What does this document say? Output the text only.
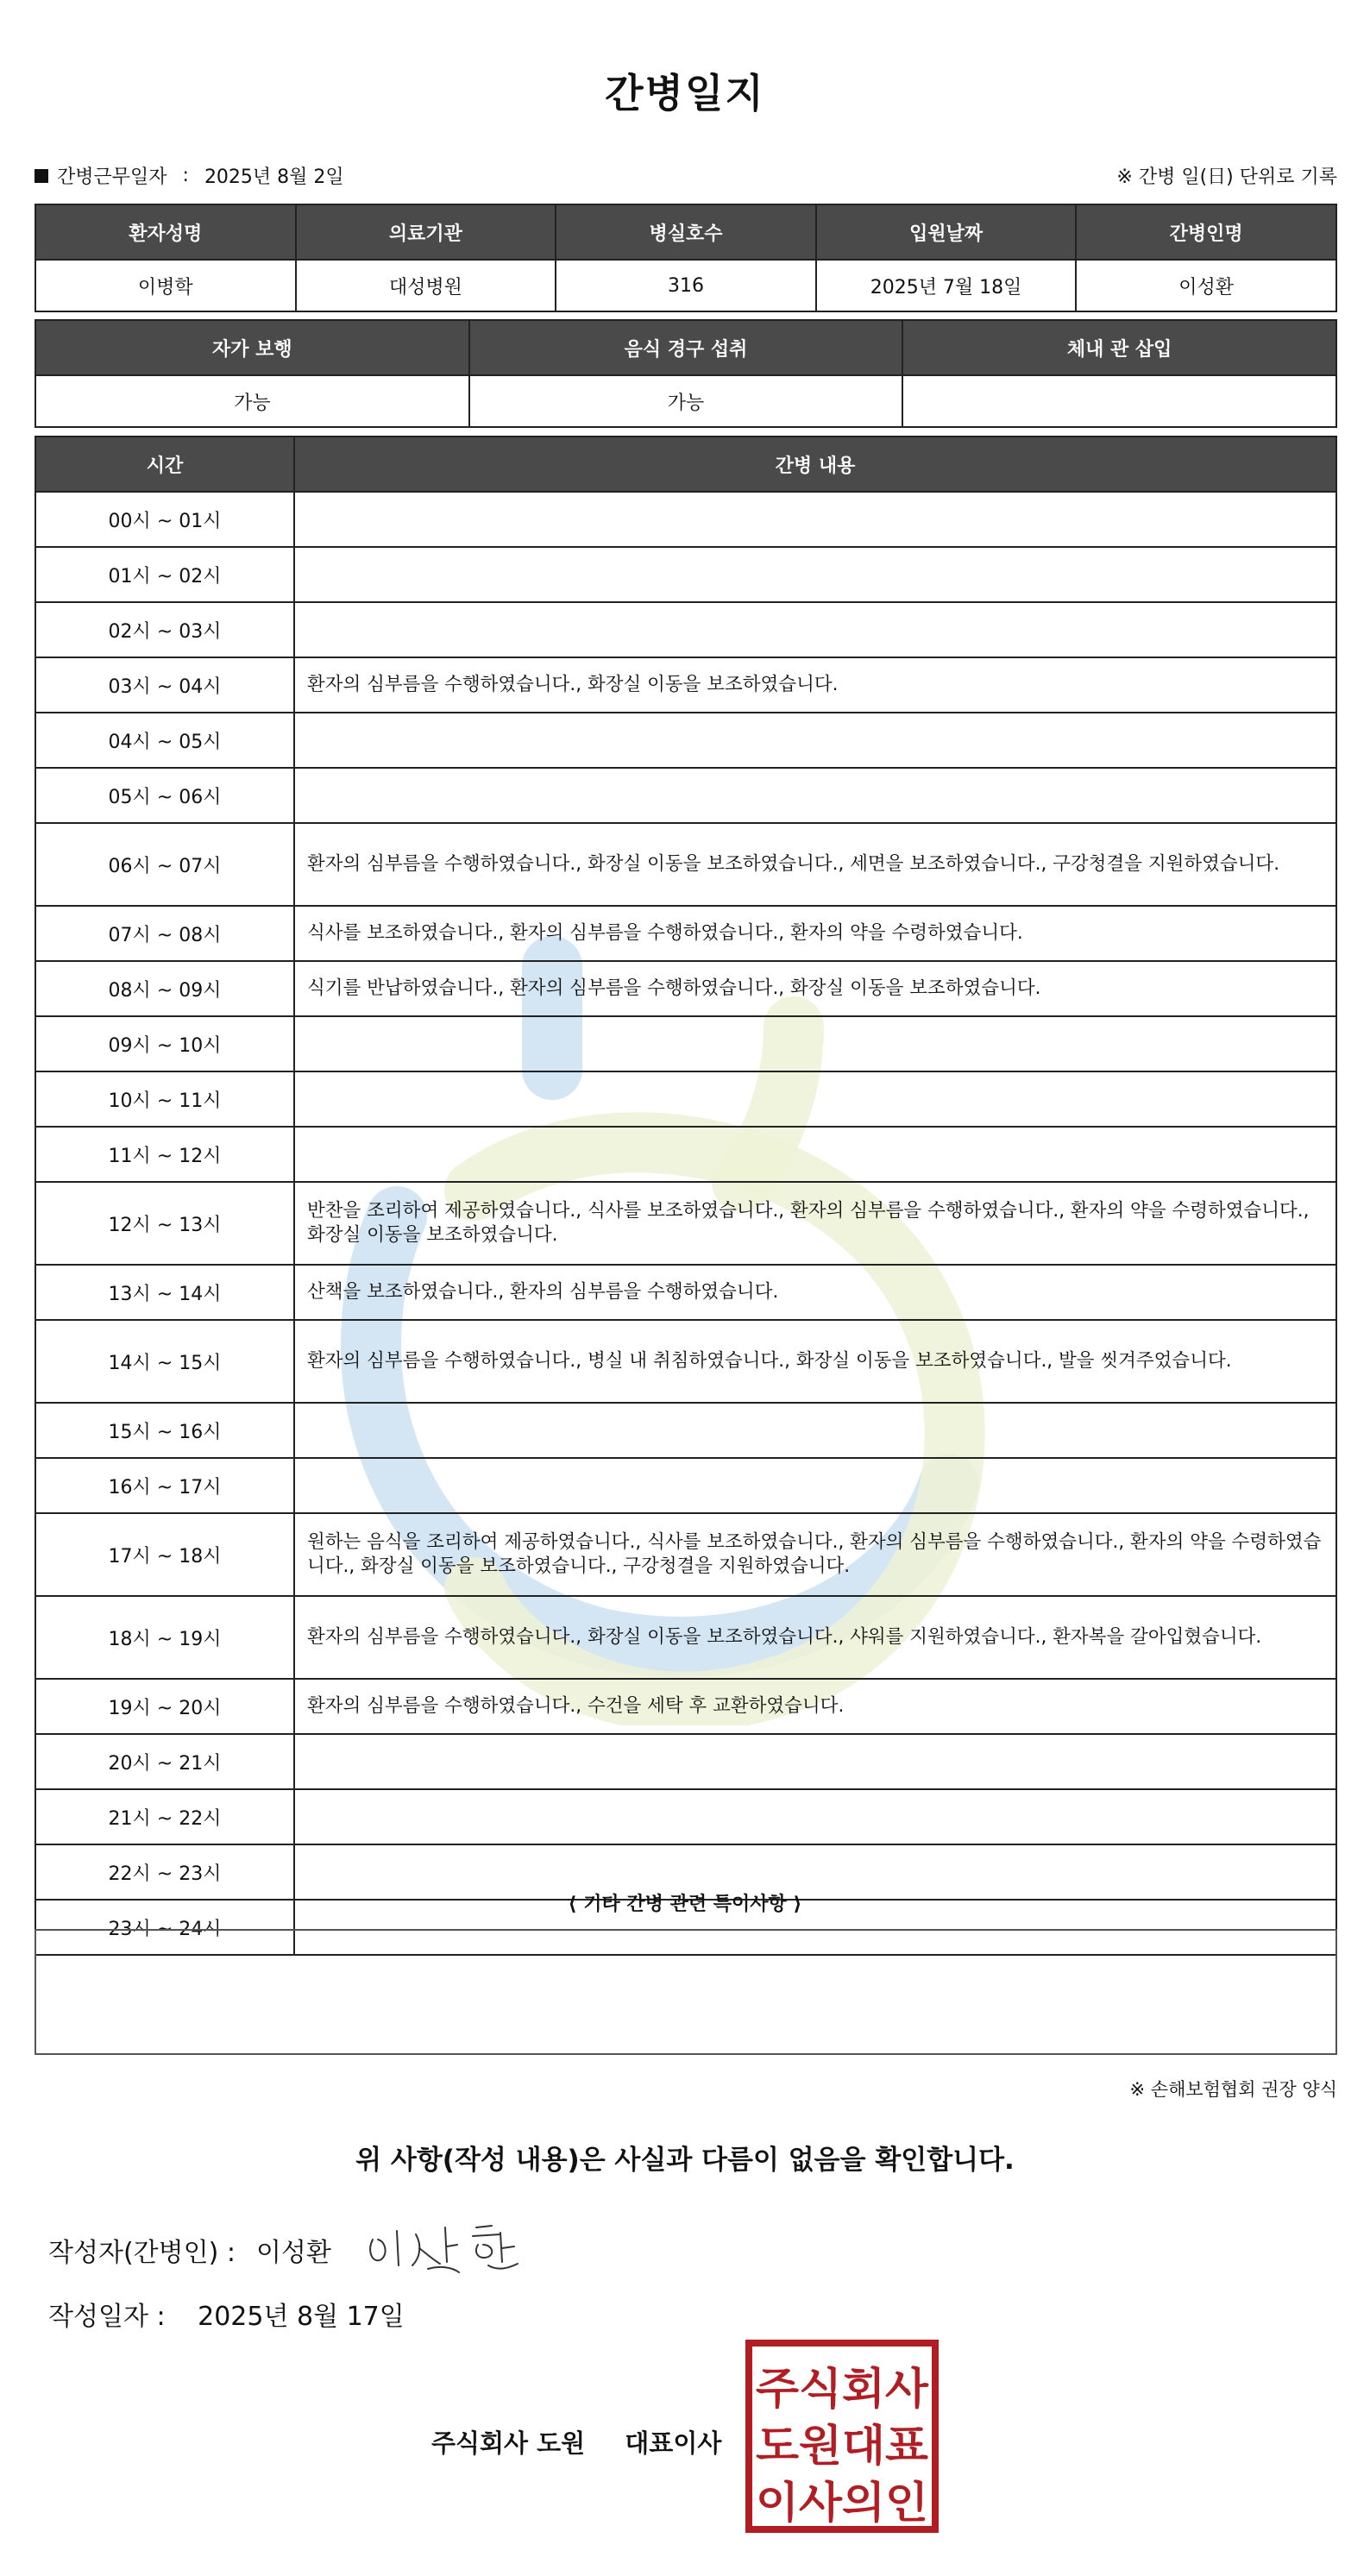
간병일지
간병근무일자 : 2025년 8월 2일	※ 간병 일(日) 단위로 기록
환자성명	의료기관	병실호수	입원날짜	간병인명
이병학	대성병원	316	2025년 7월 18일	이성환
자가 보행	음식 경구 섭취	체내 관 삽입
가능	가능	
시간	간병 내용
00시 ~ 01시	
01시 ~ 02시	
02시 ~ 03시	
03시 ~ 04시	환자의 심부름을 수행하였습니다., 화장실 이동을 보조하였습니다.
04시 ~ 05시	
05시 ~ 06시	
06시 ~ 07시	환자의 심부름을 수행하였습니다., 화장실 이동을 보조하였습니다., 세면을 보조하였습니다., 구강청결을 지원하였습니다.
07시 ~ 08시	식사를 보조하였습니다., 환자의 심부름을 수행하였습니다., 환자의 약을 수령하였습니다.
08시 ~ 09시	식기를 반납하였습니다., 환자의 심부름을 수행하였습니다., 화장실 이동을 보조하였습니다.
09시 ~ 10시	
10시 ~ 11시	
11시 ~ 12시	
12시 ~ 13시	반찬을 조리하여 제공하였습니다., 식사를 보조하였습니다., 환자의 심부름을 수행하였습니다., 환자의 약을 수령하였습니다., 화장실 이동을 보조하였습니다.
13시 ~ 14시	산책을 보조하였습니다., 환자의 심부름을 수행하였습니다.
14시 ~ 15시	환자의 심부름을 수행하였습니다., 병실 내 취침하였습니다., 화장실 이동을 보조하였습니다., 발을 씻겨주었습니다.
15시 ~ 16시	
16시 ~ 17시	
17시 ~ 18시	원하는 음식을 조리하여 제공하였습니다., 식사를 보조하였습니다., 환자의 심부름을 수행하였습니다., 환자의 약을 수령하였습니다., 화장실 이동을 보조하였습니다., 구강청결을 지원하였습니다.
18시 ~ 19시	환자의 심부름을 수행하였습니다., 화장실 이동을 보조하였습니다., 샤워를 지원하였습니다., 환자복을 갈아입혔습니다.
19시 ~ 20시	환자의 심부름을 수행하였습니다., 수건을 세탁 후 교환하였습니다.
20시 ~ 21시	
21시 ~ 22시	
22시 ~ 23시	
23시 ~ 24시	
⟨ 기타 간병 관련 특이사항 ⟩
※ 손해보험협회 권장 양식
위 사항(작성 내용)은 사실과 다름이 없음을 확인합니다.
작성자(간병인) : 이성환
작성일자 : 2025년 8월 17일
주식회사 도원 대표이사
주식회사
도원대표
이사의인
